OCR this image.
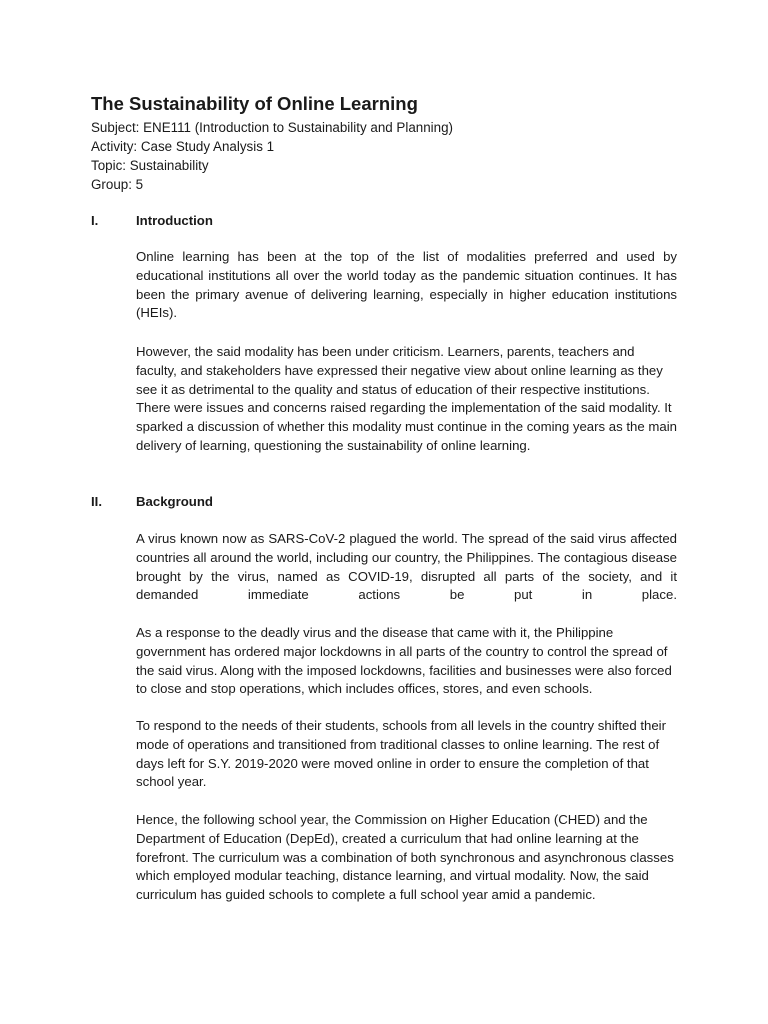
The Sustainability of Online Learning
Subject: ENE111 (Introduction to Sustainability and Planning)
Activity: Case Study Analysis 1
Topic: Sustainability
Group: 5
I.	Introduction
Online learning has been at the top of the list of modalities preferred and used by educational institutions all over the world today as the pandemic situation continues. It has been the primary avenue of delivering learning, especially in higher education institutions (HEIs).
However, the said modality has been under criticism. Learners, parents, teachers and faculty, and stakeholders have expressed their negative view about online learning as they see it as detrimental to the quality and status of education of their respective institutions. There were issues and concerns raised regarding the implementation of the said modality. It sparked a discussion of whether this modality must continue in the coming years as the main delivery of learning, questioning the sustainability of online learning.
II.	Background
A virus known now as SARS-CoV-2 plagued the world. The spread of the said virus affected countries all around the world, including our country, the Philippines. The contagious disease brought by the virus, named as COVID-19, disrupted all parts of the society, and it demanded immediate actions be put in place.
As a response to the deadly virus and the disease that came with it, the Philippine government has ordered major lockdowns in all parts of the country to control the spread of the said virus. Along with the imposed lockdowns, facilities and businesses were also forced to close and stop operations, which includes offices, stores, and even schools.
To respond to the needs of their students, schools from all levels in the country shifted their mode of operations and transitioned from traditional classes to online learning. The rest of days left for S.Y. 2019-2020 were moved online in order to ensure the completion of that school year.
Hence, the following school year, the Commission on Higher Education (CHED) and the Department of Education (DepEd), created a curriculum that had online learning at the forefront. The curriculum was a combination of both synchronous and asynchronous classes which employed modular teaching, distance learning, and virtual modality. Now, the said curriculum has guided schools to complete a full school year amid a pandemic.
